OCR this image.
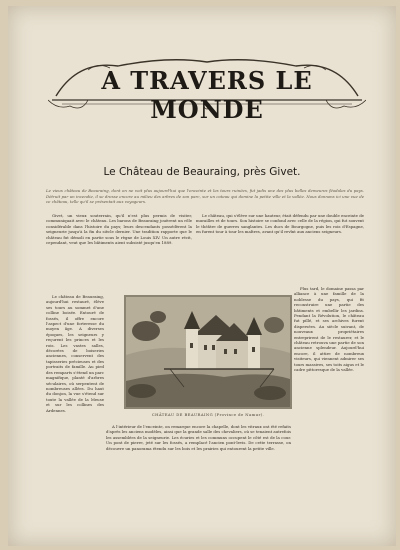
A TRAVERS LE MONDE
Le Château de Beauraing, près Givet.
Le vieux château de Beauraing, dont on ne voit plus aujourd'hui que l'enceinte et les tours ruinées, fut jadis une des plus belles demeures féodales du pays. Détruit par un incendie, il se dresse encore au milieu des arbres de son parc, sur un coteau qui domine la petite ville et la vallée. Nous donnons ici une vue de ce château, telle qu'il se présentait aux voyageurs.

Givet, un vieux souterrain, qu'il n'est plus permis de visiter, communiquait avec le château. Les barons de Beauraing jouèrent un rôle considérable dans l'histoire du pays; leurs descendants possédèrent la seigneurie jusqu'à la fin du siècle dernier. Une tradition rapporte que le château fut démoli en partie sous le règne de Louis XIV. Un autre récit, cependant, veut que les bâtiments aient subsisté jusqu'en 1889.

Le château, qui s'élève sur une hauteur, était défendu par une double enceinte de murailles et de tours. Son histoire se confond avec celle de la région, qui fut souvent le théâtre de guerres sanglantes. Les ducs de Bourgogne, puis les rois d'Espagne, en furent tour à tour les maîtres, avant qu'il revînt aux anciens seigneurs.

Le château de Beauraing, aujourd'hui restauré, élève ses tours au sommet d'une colline boisée. Entouré de fossés, il offre encore l'aspect d'une forteresse du moyen âge. A diverses époques, les seigneurs y reçurent les princes et les rois. Les vastes salles, décorées de boiseries anciennes, conservent des tapisseries précieuses et des portraits de famille. Au pied des remparts s'étend un parc magnifique, planté d'arbres séculaires, où serpentent de nombreuses allées. Du haut du donjon, la vue s'étend sur toute la vallée de la Meuse et sur les collines des Ardennes.

Plus tard, le domaine passa par alliance à une famille de la noblesse du pays, qui fit reconstruire une partie des bâtiments et embellir les jardins. Pendant la Révolution, le château fut pillé, et ses archives furent dispersées. Au siècle suivant, de nouveaux propriétaires entreprirent de le restaurer, et le château retrouva une partie de son ancienne splendeur. Aujourd'hui encore, il attire de nombreux visiteurs, qui viennent admirer ses tours massives, ses toits aigus et le cadre pittoresque de la vallée.

CHÂTEAU DE BEAURAING (Province de Namur).

A l'intérieur de l'enceinte, on remarque encore la chapelle, dont les vitraux ont été refaits d'après les anciens modèles, ainsi que la grande salle des chevaliers, où se tenaient autrefois les assemblées de la seigneurie. Les écuries et les communs occupent le côté est de la cour. Un pont de pierre, jeté sur les fossés, a remplacé l'ancien pont-levis. De cette terrasse, on découvre un panorama étendu sur les bois et les prairies qui entourent la petite ville.
